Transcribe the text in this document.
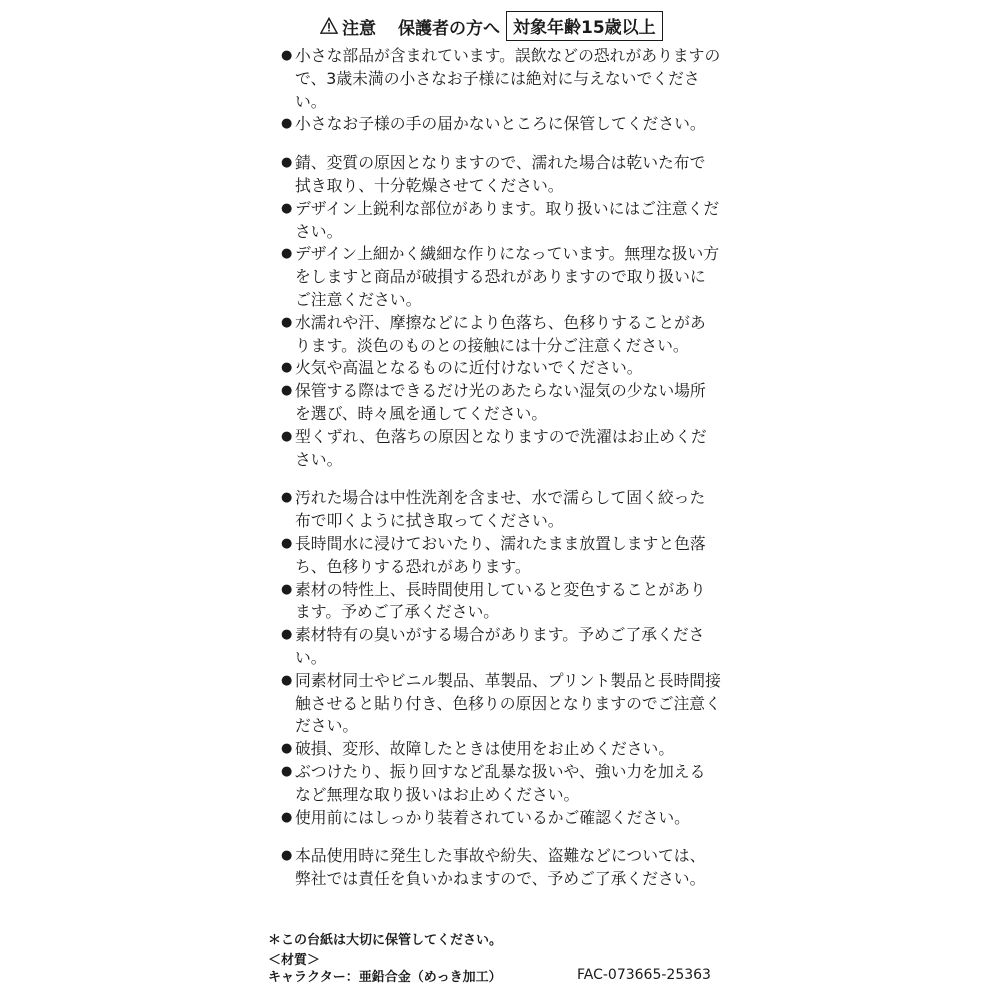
注意 保護者の方へ 対象年齢15歳以上
● 小さな部品が含まれています。誤飲などの恐れがありますので、3歳未満の小さなお子様には絶対に与えないでください。
● 小さなお子様の手の届かないところに保管してください。
● 錆、変質の原因となりますので、濡れた場合は乾いた布で拭き取り、十分乾燥させてください。
● デザイン上鋭利な部位があります。取り扱いにはご注意ください。
● デザイン上細かく繊細な作りになっています。無理な扱い方をしますと商品が破損する恐れがありますので取り扱いにご注意ください。
● 水濡れや汗、摩擦などにより色落ち、色移りすることがあります。淡色のものとの接触には十分ご注意ください。
● 火気や高温となるものに近付けないでください。
● 保管する際はできるだけ光のあたらない湿気の少ない場所を選び、時々風を通してください。
● 型くずれ、色落ちの原因となりますので洗濯はお止めください。
● 汚れた場合は中性洗剤を含ませ、水で濡らして固く絞った布で叩くように拭き取ってください。
● 長時間水に浸けておいたり、濡れたまま放置しますと色落ち、色移りする恐れがあります。
● 素材の特性上、長時間使用していると変色することがあります。予めご了承ください。
● 素材特有の臭いがする場合があります。予めご了承ください。
● 同素材同士やビニル製品、革製品、プリント製品と長時間接触させると貼り付き、色移りの原因となりますのでご注意ください。
● 破損、変形、故障したときは使用をお止めください。
● ぶつけたり、振り回すなど乱暴な扱いや、強い力を加えるなど無理な取り扱いはお止めください。
● 使用前にはしっかり装着されているかご確認ください。
● 本品使用時に発生した事故や紛失、盗難などについては、弊社では責任を負いかねますので、予めご了承ください。
＊この台紙は大切に保管してください。
＜材質＞
キャラクター：亜鉛合金（めっき加工）	FAC-073665-25363
